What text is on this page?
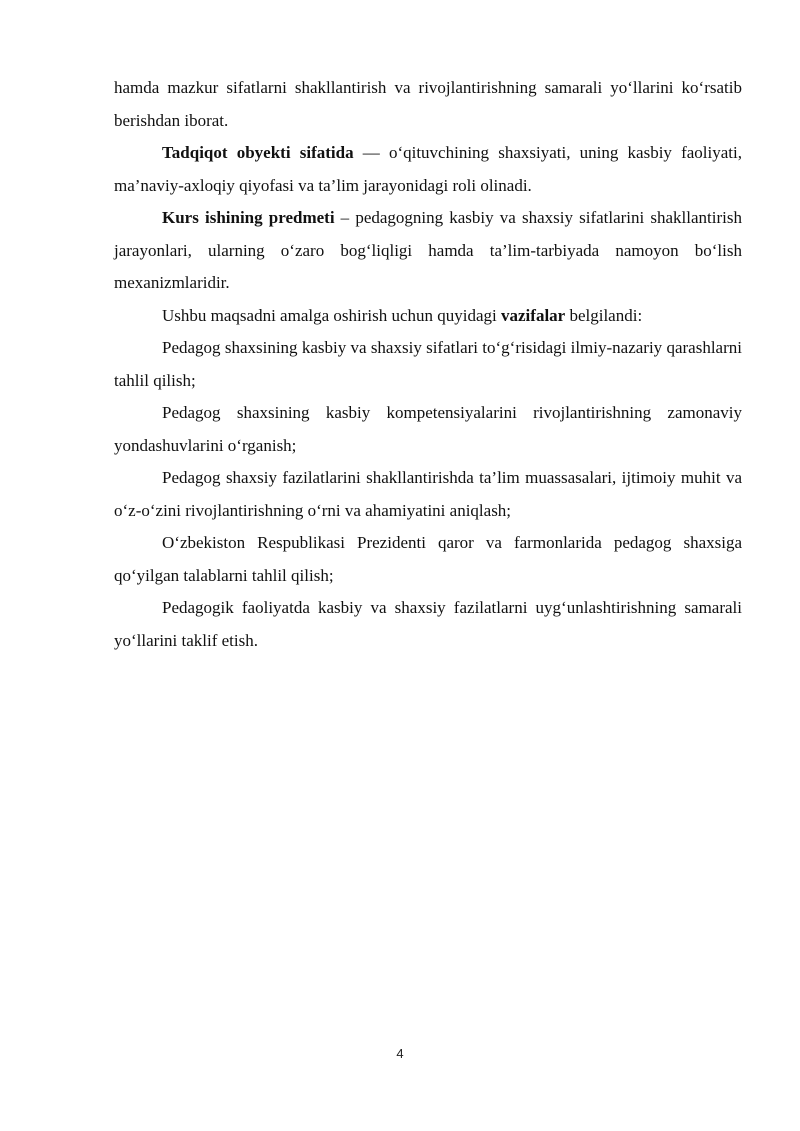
hamda mazkur sifatlarni shakllantirish va rivojlantirishning samarali yo‘llarini ko‘rsatib berishdan iborat.

Tadqiqot obyekti sifatida — o‘qituvchining shaxsiyati, uning kasbiy faoliyati, ma’naviy-axloqiy qiyofasi va ta’lim jarayonidagi roli olinadi.

Kurs ishining predmeti – pedagogning kasbiy va shaxsiy sifatlarini shakllantirish jarayonlari, ularning o‘zaro bog‘liqligi hamda ta’lim-tarbiyada namoyon bo‘lish mexanizmlaridir.

Ushbu maqsadni amalga oshirish uchun quyidagi vazifalar belgilandi:

Pedagog shaxsining kasbiy va shaxsiy sifatlari to‘g‘risidagi ilmiy-nazariy qarashlarni tahlil qilish;

Pedagog shaxsining kasbiy kompetensiyalarini rivojlantirishning zamonaviy yondashuvlarini o‘rganish;

Pedagog shaxsiy fazilatlarini shakllantirishda ta’lim muassasalari, ijtimoiy muhit va o‘z-o‘zini rivojlantirishning o‘rni va ahamiyatini aniqlash;

O‘zbekiston Respublikasi Prezidenti qaror va farmonlarida pedagog shaxsiga qo‘yilgan talablarni tahlil qilish;

Pedagogik faoliyatda kasbiy va shaxsiy fazilatlarni uyg‘unlashtirishning samarali yo‘llarini taklif etish.

4
